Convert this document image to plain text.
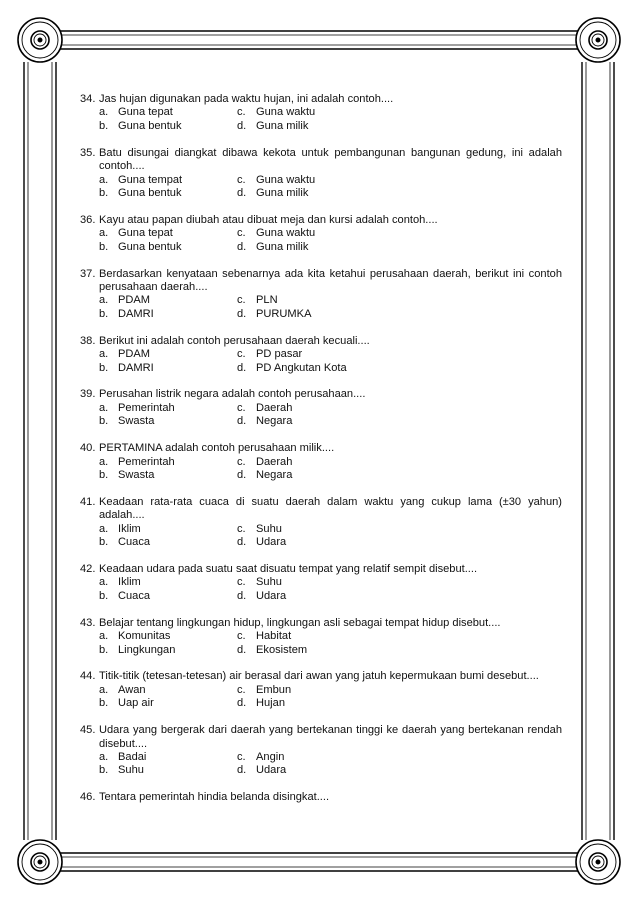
34. Jas hujan digunakan pada waktu hujan, ini adalah contoh....
a. Guna tepat	c. Guna waktu
b. Guna bentuk	d. Guna milik
35. Batu disungai diangkat dibawa kekota untuk pembangunan bangunan gedung, ini adalah contoh....
a. Guna tempat	c. Guna waktu
b. Guna bentuk	d. Guna milik
36. Kayu atau papan diubah atau dibuat meja dan kursi adalah contoh....
a. Guna tepat	c. Guna waktu
b. Guna bentuk	d. Guna milik
37. Berdasarkan kenyataan sebenarnya ada kita ketahui perusahaan daerah, berikut ini contoh perusahaan daerah....
a. PDAM	c. PLN
b. DAMRI	d. PURUMKA
38. Berikut ini adalah contoh perusahaan daerah kecuali....
a. PDAM	c. PD pasar
b. DAMRI	d. PD Angkutan Kota
39. Perusahan listrik negara adalah contoh perusahaan....
a. Pemerintah	c. Daerah
b. Swasta	d. Negara
40. PERTAMINA adalah contoh perusahaan milik....
a. Pemerintah	c. Daerah
b. Swasta	d. Negara
41. Keadaan rata-rata cuaca di suatu daerah dalam waktu yang cukup lama (±30 yahun) adalah....
a. Iklim	c. Suhu
b. Cuaca	d. Udara
42. Keadaan udara pada suatu saat disuatu tempat yang relatif sempit disebut....
a. Iklim	c. Suhu
b. Cuaca	d. Udara
43. Belajar tentang lingkungan hidup, lingkungan asli sebagai tempat hidup disebut....
a. Komunitas	c. Habitat
b. Lingkungan	d. Ekosistem
44. Titik-titik (tetesan-tetesan) air berasal dari awan yang jatuh kepermukaan bumi desebut....
a. Awan	c. Embun
b. Uap air	d. Hujan
45. Udara yang bergerak dari daerah yang bertekanan tinggi ke daerah yang bertekanan rendah disebut....
a. Badai	c. Angin
b. Suhu	d. Udara
46. Tentara pemerintah hindia belanda disingkat....
